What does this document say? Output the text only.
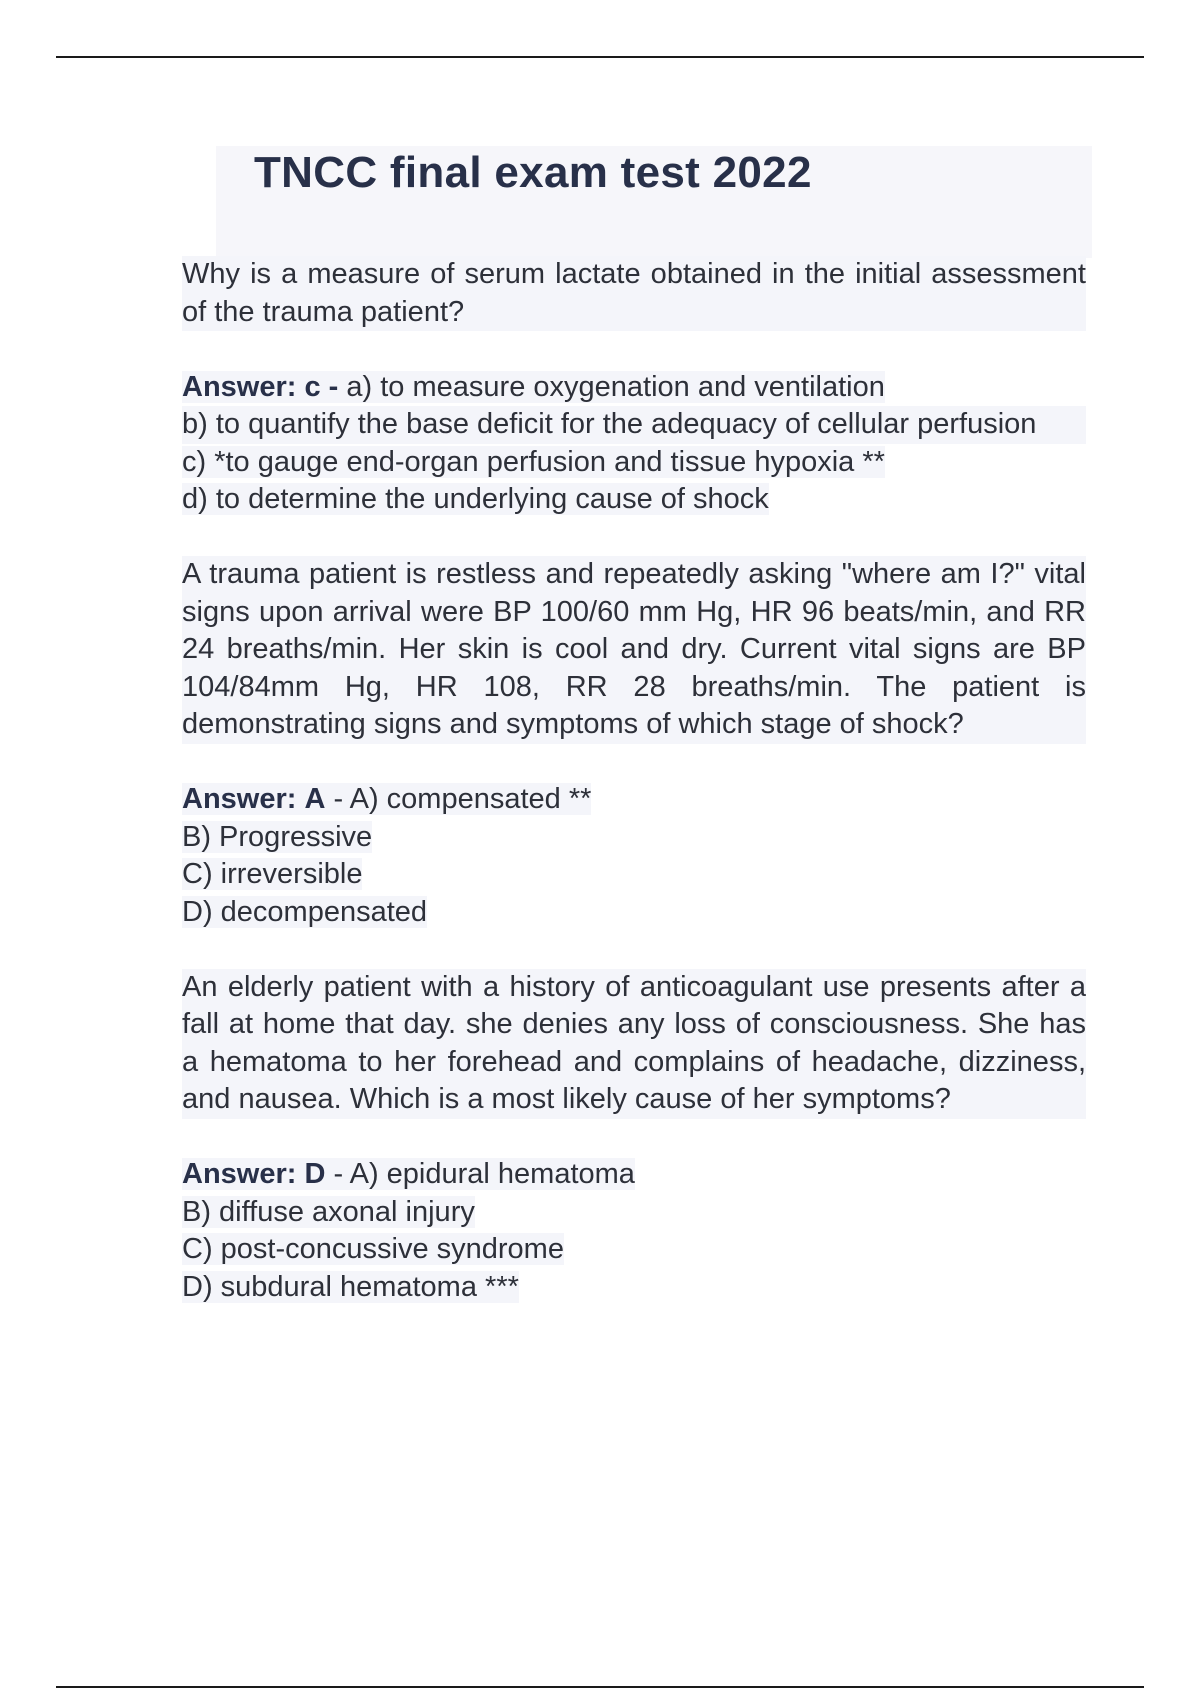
TNCC final exam test 2022

Why is a measure of serum lactate obtained in the initial assessment of the trauma patient?

Answer: c - a) to measure oxygenation and ventilation
b) to quantify the base deficit for the adequacy of cellular perfusion
c) *to gauge end-organ perfusion and tissue hypoxia **
d) to determine the underlying cause of shock

A trauma patient is restless and repeatedly asking "where am I?" vital signs upon arrival were BP 100/60 mm Hg, HR 96 beats/min, and RR 24 breaths/min. Her skin is cool and dry. Current vital signs are BP 104/84mm Hg, HR 108, RR 28 breaths/min. The patient is demonstrating signs and symptoms of which stage of shock?

Answer: A - A) compensated **
B) Progressive
C) irreversible
D) decompensated

An elderly patient with a history of anticoagulant use presents after a fall at home that day. she denies any loss of consciousness. She has a hematoma to her forehead and complains of headache, dizziness, and nausea. Which is a most likely cause of her symptoms?

Answer: D - A) epidural hematoma
B) diffuse axonal injury
C) post-concussive syndrome
D) subdural hematoma ***
